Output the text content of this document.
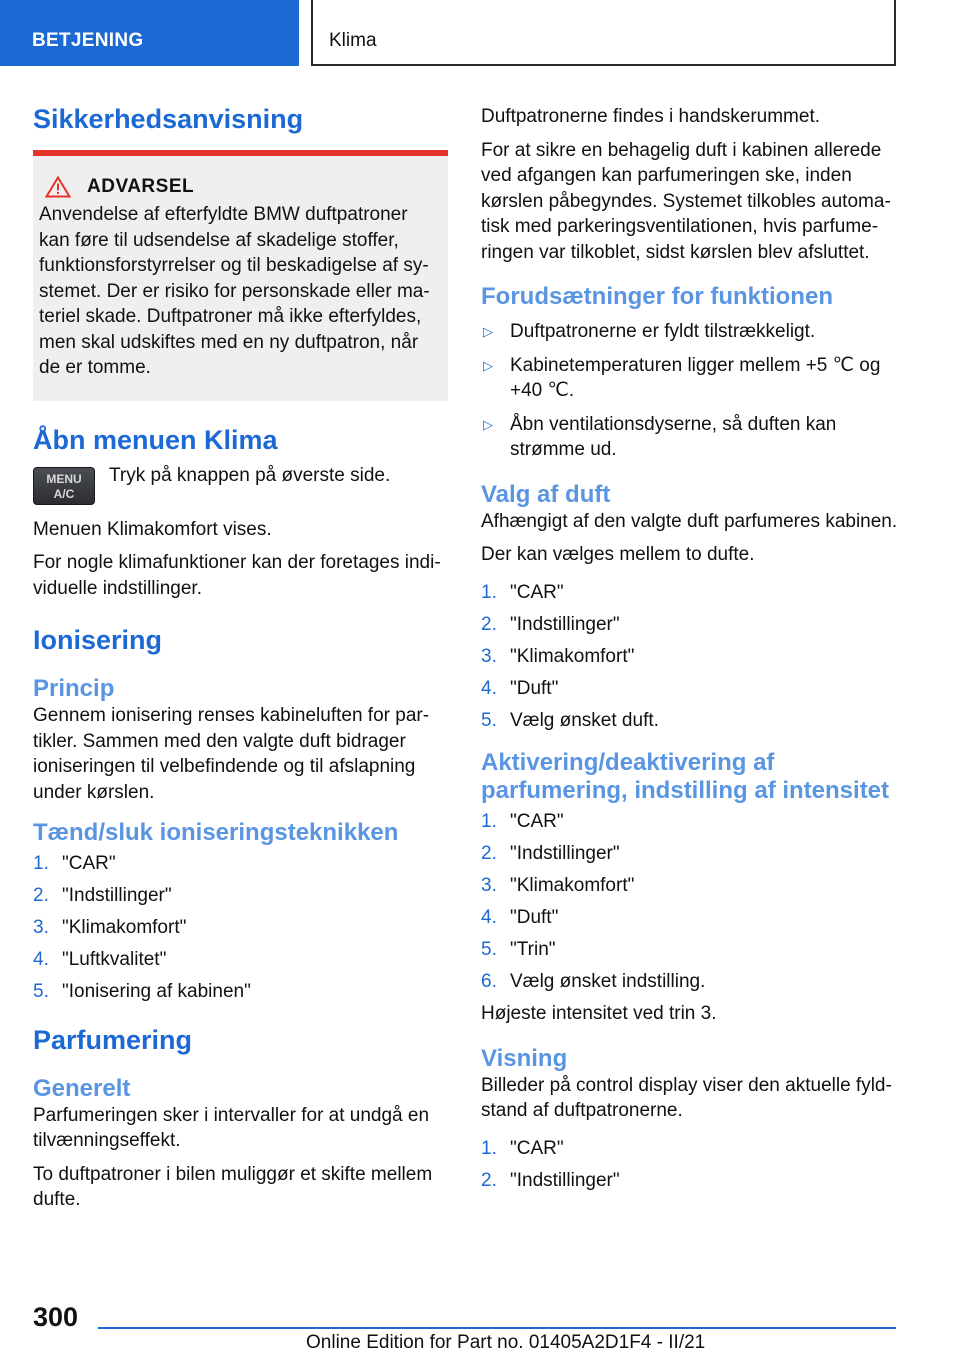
BETJENING	Klima
Sikkerhedsanvisning
ADVARSEL

Anvendelse af efterfyldte BMW duftpatroner kan føre til udsendelse af skadelige stoffer, funktionsforstyrrelser og til beskadigelse af systemet. Der er risiko for personskade eller materiel skade. Duftpatroner må ikke efterfyldes, men skal udskiftes med en ny duftpatron, når de er tomme.

Åbn menuen Klima
MENU
A/C

Tryk på knappen på øverste side.

Menuen Klimakomfort vises.

For nogle klimafunktioner kan der foretages individuelle indstillinger.

Ionisering
Princip

Gennem ionisering renses kabineluften for partikler. Sammen med den valgte duft bidrager ioniseringen til velbefindende og til afslapning under kørslen.

Tænd/sluk ioniseringsteknikken
1. "CAR"
2. "Indstillinger"
3. "Klimakomfort"
4. "Luftkvalitet"
5. "Ionisering af kabinen"
Parfumering
Generelt

Parfumeringen sker i intervaller for at undgå en tilvænningseffekt.

To duftpatroner i bilen muliggør et skifte mellem dufte.

Duftpatronerne findes i handskerummet.

For at sikre en behagelig duft i kabinen allerede ved afgangen kan parfumeringen ske, inden kørslen påbegyndes. Systemet tilkobles automatisk med parkeringsventilationen, hvis parfumeringen var tilkoblet, sidst kørslen blev afsluttet.

Forudsætninger for funktionen
▷ Duftpatronerne er fyldt tilstrækkeligt.
▷ Kabinetemperaturen ligger mellem +5 ℃ og +40 ℃.
▷ Åbn ventilationsdyserne, så duften kan strømme ud.
Valg af duft

Afhængigt af den valgte duft parfumeres kabinen.

Der kan vælges mellem to dufte.

1. "CAR"
2. "Indstillinger"
3. "Klimakomfort"
4. "Duft"
5. Vælg ønsket duft.
Aktivering/deaktivering af parfumering, indstilling af intensitet
1. "CAR"
2. "Indstillinger"
3. "Klimakomfort"
4. "Duft"
5. "Trin"
6. Vælg ønsket indstilling.

Højeste intensitet ved trin 3.

Visning

Billeder på control display viser den aktuelle fyldstand af duftpatronerne.

1. "CAR"
2. "Indstillinger"
300
Online Edition for Part no. 01405A2D1F4 - II/21
